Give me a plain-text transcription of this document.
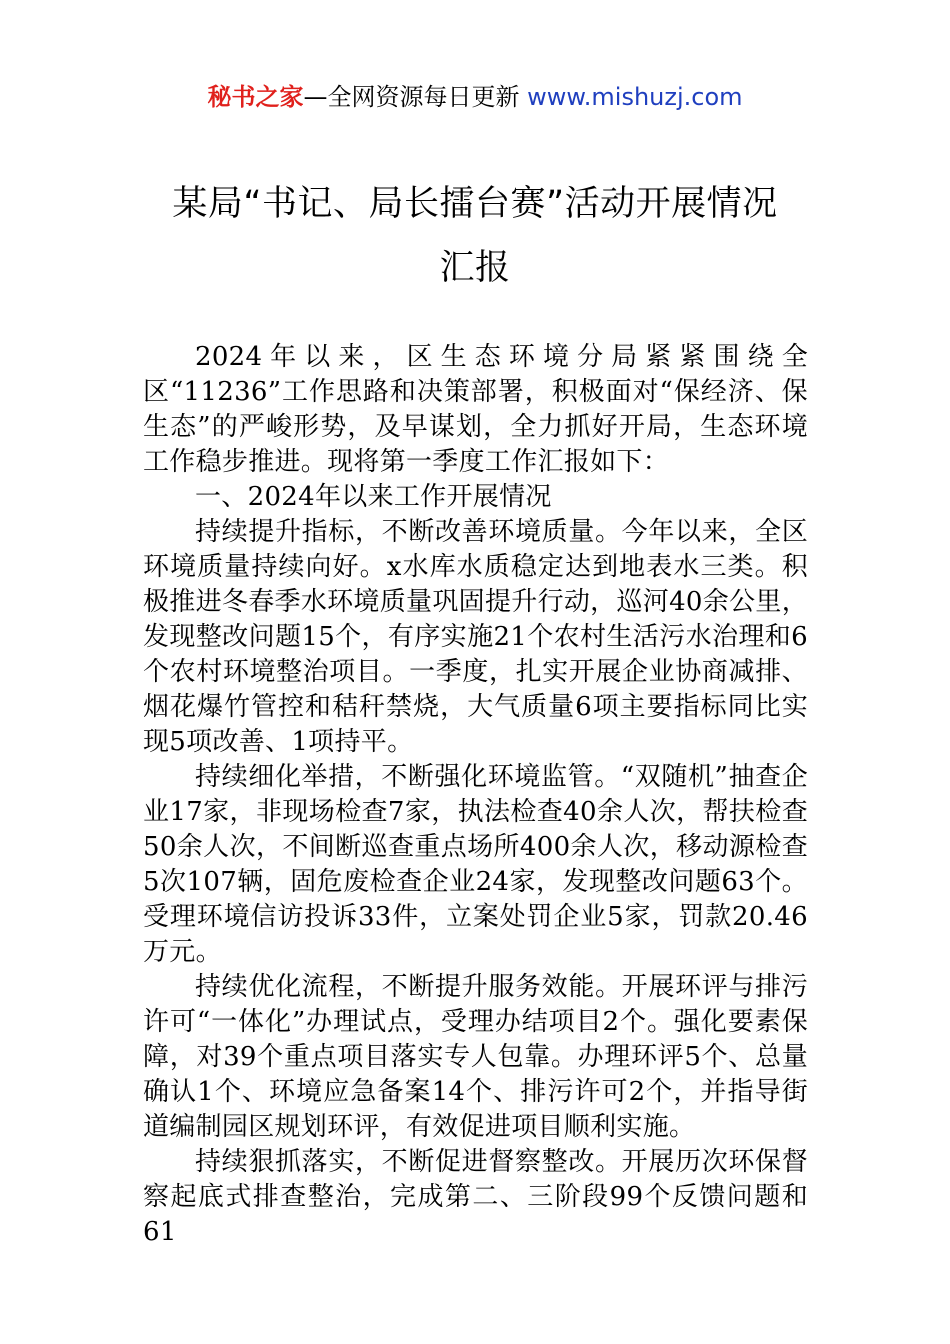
秘书之家—全网资源每日更新 www.mishuzj.com
某局“书记、局长擂台赛”活动开展情况
汇报

2024年以来，区生态环境分局紧紧围绕全区“11236”工作思路和决策部署，积极面对“保经济、保生态”的严峻形势，及早谋划，全力抓好开局，生态环境工作稳步推进。现将第一季度工作汇报如下：

一、2024年以来工作开展情况

持续提升指标，不断改善环境质量。今年以来，全区环境质量持续向好。x水库水质稳定达到地表水三类。积极推进冬春季水环境质量巩固提升行动，巡河40余公里，发现整改问题15个，有序实施21个农村生活污水治理和6个农村环境整治项目。一季度，扎实开展企业协商减排、烟花爆竹管控和秸秆禁烧，大气质量6项主要指标同比实现5项改善、1项持平。

持续细化举措，不断强化环境监管。“双随机”抽查企业17家，非现场检查7家，执法检查40余人次，帮扶检查50余人次，不间断巡查重点场所400余人次，移动源检查5次107辆，固危废检查企业24家，发现整改问题63个。受理环境信访投诉33件，立案处罚企业5家，罚款20.46万元。

持续优化流程，不断提升服务效能。开展环评与排污许可“一体化”办理试点，受理办结项目2个。强化要素保障，对39个重点项目落实专人包靠。办理环评5个、总量确认1个、环境应急备案14个、排污许可2个，并指导街道编制园区规划环评，有效促进项目顺利实施。

持续狠抓落实，不断促进督察整改。开展历次环保督察起底式排查整治，完成第二、三阶段99个反馈问题和61
